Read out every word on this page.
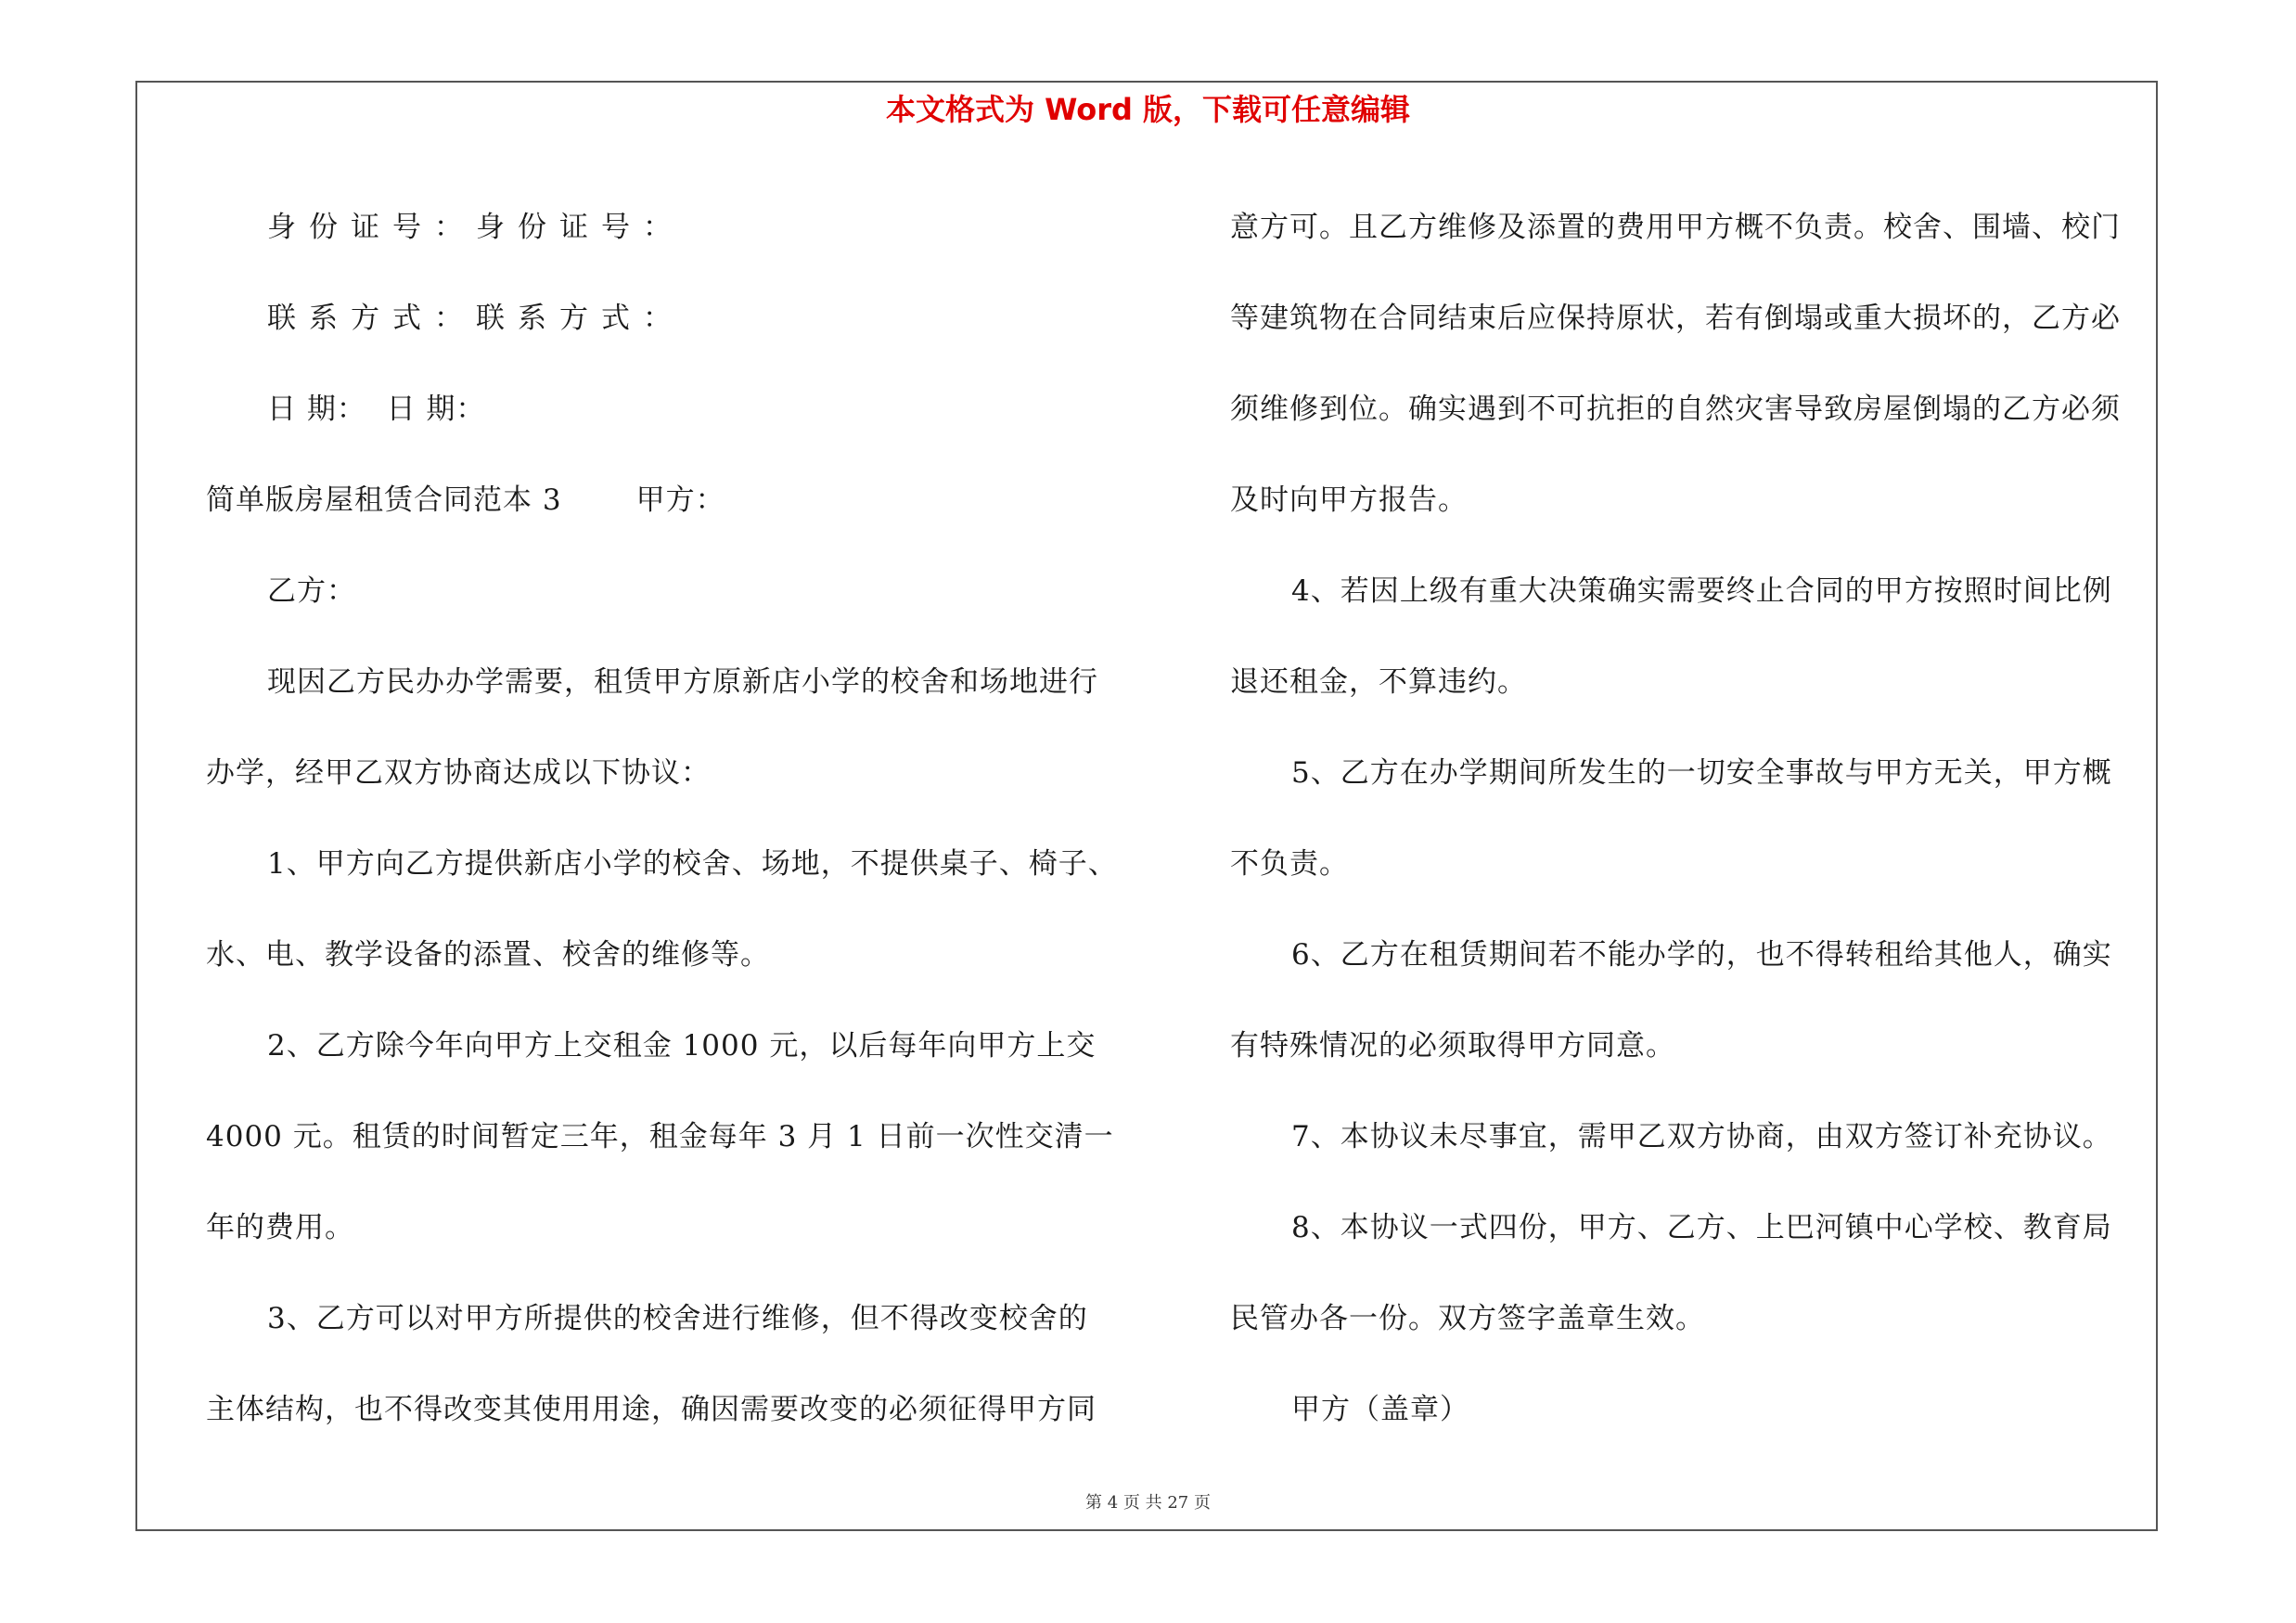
本文格式为 Word 版，下载可任意编辑
身份证号：身份证号：
联系方式：联系方式：
日 期： 日 期：
简单版房屋租赁合同范本 3	甲方：
乙方：
现因乙方民办办学需要，租赁甲方原新店小学的校舍和场地进行
办学，经甲乙双方协商达成以下协议：
1、甲方向乙方提供新店小学的校舍、场地，不提供桌子、椅子、
水、电、教学设备的添置、校舍的维修等。
2、乙方除今年向甲方上交租金 1000 元，以后每年向甲方上交
4000 元。租赁的时间暂定三年，租金每年 3 月 1 日前一次性交清一
年的费用。
3、乙方可以对甲方所提供的校舍进行维修，但不得改变校舍的
主体结构，也不得改变其使用用途，确因需要改变的必须征得甲方同
意方可。且乙方维修及添置的费用甲方概不负责。校舍、围墙、校门
等建筑物在合同结束后应保持原状，若有倒塌或重大损坏的，乙方必
须维修到位。确实遇到不可抗拒的自然灾害导致房屋倒塌的乙方必须
及时向甲方报告。
4、若因上级有重大决策确实需要终止合同的甲方按照时间比例
退还租金，不算违约。
5、乙方在办学期间所发生的一切安全事故与甲方无关，甲方概
不负责。
6、乙方在租赁期间若不能办学的，也不得转租给其他人，确实
有特殊情况的必须取得甲方同意。
7、本协议未尽事宜，需甲乙双方协商，由双方签订补充协议。
8、本协议一式四份，甲方、乙方、上巴河镇中心学校、教育局
民管办各一份。双方签字盖章生效。
甲方（盖章）
第 4 页 共 27 页
